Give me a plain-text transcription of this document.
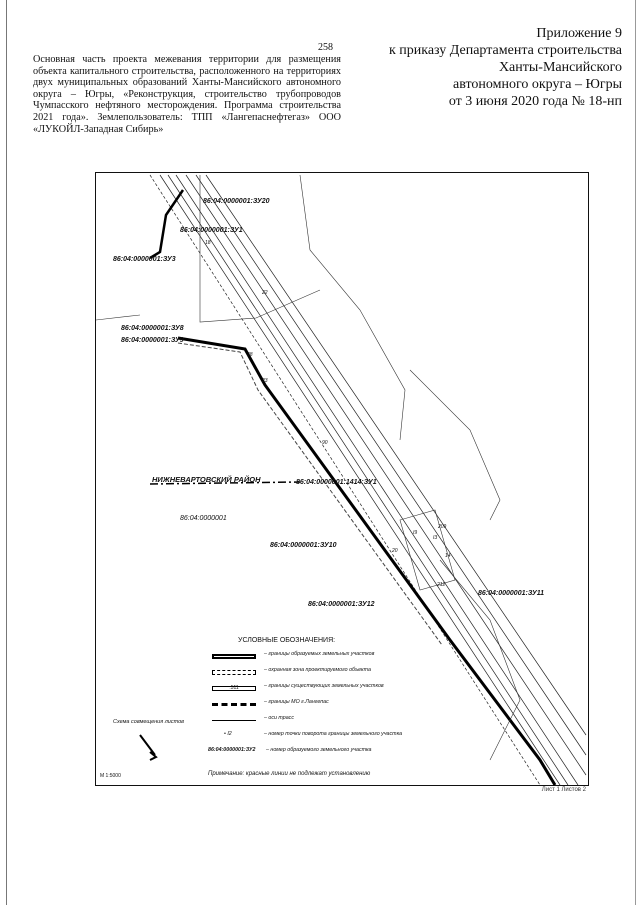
258
Приложение 9
к приказу Департамента строительства
Ханты-Мансийского
автономного округа – Югры
от 3 июня 2020 года № 18-нп
Основная часть проекта межевания территории для размещения объекта капитального строительства, расположенного на территориях двух муниципальных образований Ханты-Мансийского автономного округа – Югры, «Реконструкция, строительство трубопроводов Чумпасского нефтяного месторождения. Программа строительства 2021 года». Землепользователь: ТПП «Лангепаснефтегаз» ООО «ЛУКОЙЛ-Западная Сибирь»
86:04:0000001:ЗУ20
86:04:0000001:ЗУ1
86:04:0000001:ЗУ3
86:04:0000001:ЗУ8
86:04:0000001:ЗУ9
НИЖНЕВАРТОВСКИЙ РАЙОН	86:04:0000001:1414:ЗУ1
86:04:0000001
86:04:0000001:ЗУ10
86:04:0000001:ЗУ11
86:04:0000001:ЗУ12
18
22
38
23
90
209
I3
14
20
212
I9
УСЛОВНЫЕ ОБОЗНАЧЕНИЯ:
– границы образуемых земельных участков
– охранная зона проектируемого объекта
:511	– границы существующих земельных участков
– границы МО г.Лангепас
– оси трасс
• I2	– номер точки поворота границы земельного участка
86:04:0000001:ЗУ2 – номер образуемого земельного участка
Схема совмещения листов
М 1:5000	Примечание: красные линии не подлежат установлению
Лист 1 Листов 2
